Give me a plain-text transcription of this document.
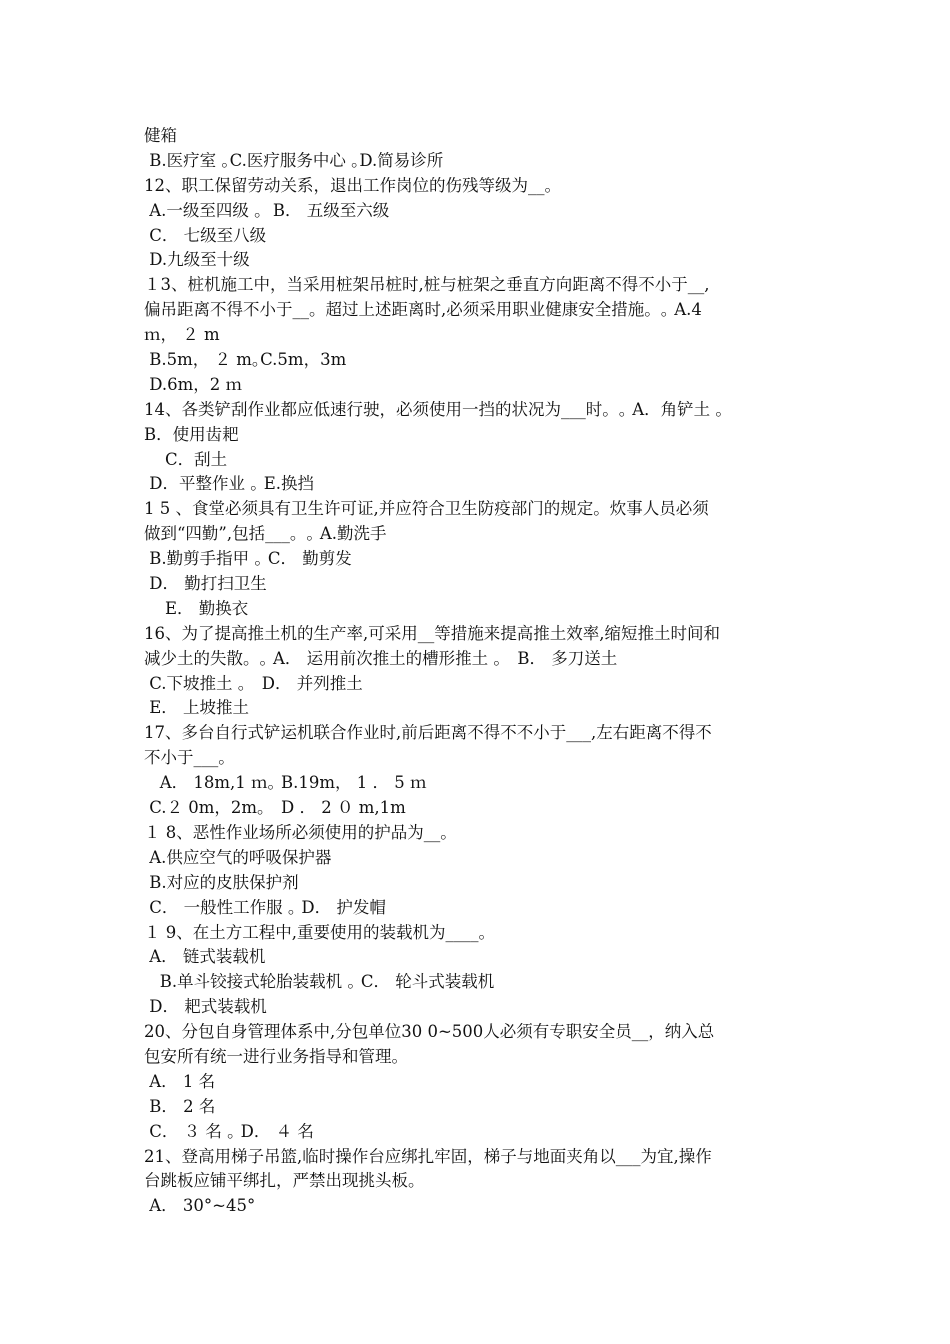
健箱
B.医疗室 ｡C.医疗服务中心 ｡D.简易诊所
12、职工保留劳动关系，退出工作岗位的伤残等级为__。
A.一级至四级 ｡  B． 五级至六级
C． 七级至八级
D.九级至十级
１3、桩机施工中，当采用桩架吊桩时,桩与桩架之垂直方向距离不得不小于__,
偏吊距离不得不小于__。超过上述距离时,必须采用职业健康安全措施。｡ A.4
ｍ， ２ m
B.5m， ２ m｡C.5m，3m
D.6m，2 ｍ
14、各类铲刮作业都应低速行驶，必须使用一挡的状况为___时。｡ A．角铲土 ｡
B．使用齿耙
C．刮土
D．平整作业 ｡ E.换挡
1 5 、食堂必须具有卫生许可证,并应符合卫生防疫部门的规定。炊事人员必须
做到“四勤”,包括___。｡ A.勤洗手
B.勤剪手指甲 ｡ C． 勤剪发
D． 勤打扫卫生
E． 勤换衣
16、为了提高推土机的生产率,可采用__等措施来提高推土效率,缩短推土时间和
减少土的失散。｡ A． 运用前次推土的槽形推土 ｡   B． 多刀送土
C.下坡推土 ｡   D． 并列推土
E． 上坡推土
17、多台自行式铲运机联合作业时,前后距离不得不不小于___,左右距离不得不
不小于___。
A． 18m,1 ｍ｡ B.19m， 1 ． 5 ｍ
C.２ 0m，2m｡   D ． 2 ０ m,1m
１ 8、恶性作业场所必须使用的护品为__。
A.供应空气的呼吸保护器
B.对应的皮肤保护剂
C． 一般性工作服 ｡ D． 护发帽
１ 9、在土方工程中,重要使用的装载机为____。
A． 链式装载机
B.单斗铰接式轮胎装载机 ｡ C． 轮斗式装载机
D． 耙式装载机
20、分包自身管理体系中,分包单位30 0~500人必须有专职安全员__，纳入总
包安所有统一进行业务指导和管理。
A． 1 名
B． 2 名
C． ３ 名 ｡ D． ４ 名
21、登高用梯子吊篮,临时操作台应绑扎牢固，梯子与地面夹角以___为宜,操作
台跳板应铺平绑扎，严禁出现挑头板。
A． 30°~45°
